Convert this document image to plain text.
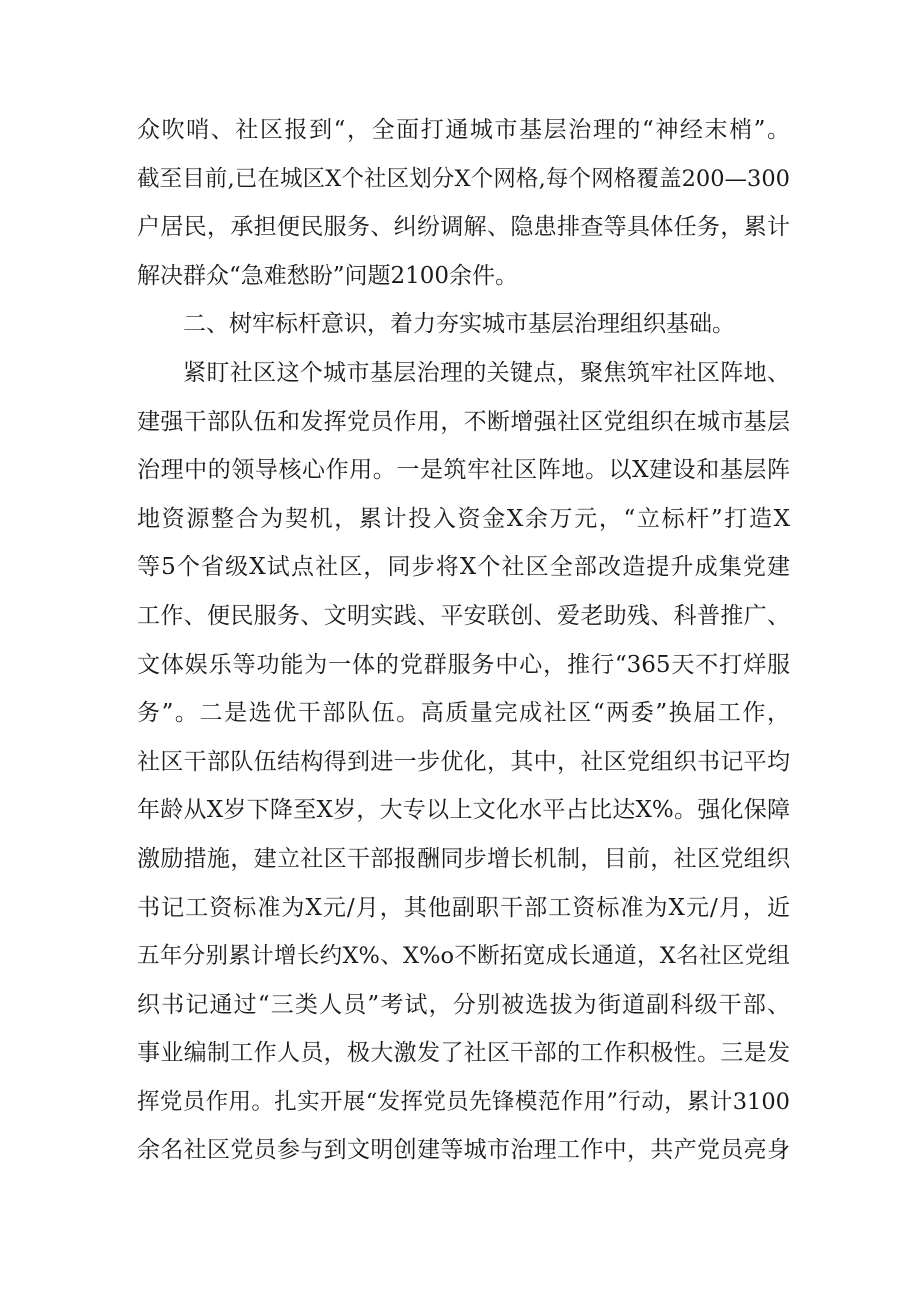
众吹哨、社区报到“，全面打通城市基层治理的“神经末梢”。
截至目前,已在城区X个社区划分X个网格,每个网格覆盖200—300
户居民，承担便民服务、纠纷调解、隐患排查等具体任务，累计
解决群众“急难愁盼”问题2100余件。
二、树牢标杆意识，着力夯实城市基层治理组织基础。
紧盯社区这个城市基层治理的关键点，聚焦筑牢社区阵地、
建强干部队伍和发挥党员作用，不断增强社区党组织在城市基层
治理中的领导核心作用。一是筑牢社区阵地。以X建设和基层阵
地资源整合为契机，累计投入资金X余万元，“立标杆”打造X
等5个省级X试点社区，同步将X个社区全部改造提升成集党建
工作、便民服务、文明实践、平安联创、爱老助残、科普推广、
文体娱乐等功能为一体的党群服务中心，推行“365天不打烊服
务”。二是选优干部队伍。高质量完成社区“两委”换届工作，
社区干部队伍结构得到进一步优化，其中，社区党组织书记平均
年龄从X岁下降至X岁，大专以上文化水平占比达X%。强化保障
激励措施，建立社区干部报酬同步增长机制，目前，社区党组织
书记工资标准为X元/月，其他副职干部工资标准为X元/月，近
五年分别累计增长约X%、X%o不断拓宽成长通道，X名社区党组
织书记通过“三类人员”考试，分别被选拔为街道副科级干部、
事业编制工作人员，极大激发了社区干部的工作积极性。三是发
挥党员作用。扎实开展“发挥党员先锋模范作用”行动，累计3100
余名社区党员参与到文明创建等城市治理工作中，共产党员亮身
